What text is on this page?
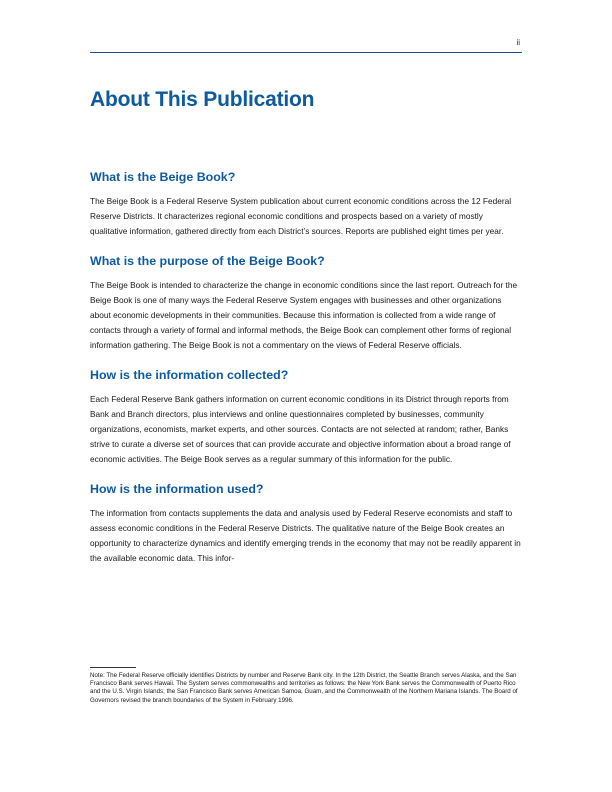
ii
About This Publication
What is the Beige Book?

The Beige Book is a Federal Reserve System publication about current economic conditions across the 12 Federal Reserve Districts. It characterizes regional economic conditions and prospects based on a variety of mostly qualitative information, gathered directly from each District’s sources. Reports are published eight times per year.

What is the purpose of the Beige Book?

The Beige Book is intended to characterize the change in economic conditions since the last report. Outreach for the Beige Book is one of many ways the Federal Reserve System engages with businesses and other organizations about economic developments in their communities. Because this information is collected from a wide range of contacts through a variety of formal and informal methods, the Beige Book can complement other forms of regional information gathering. The Beige Book is not a commentary on the views of Federal Reserve officials.

How is the information collected?

Each Federal Reserve Bank gathers information on current economic conditions in its District through reports from Bank and Branch directors, plus interviews and online questionnaires completed by businesses, community organizations, economists, market experts, and other sources. Contacts are not selected at random; rather, Banks strive to curate a diverse set of sources that can provide accurate and objective information about a broad range of economic activities. The Beige Book serves as a regular summary of this information for the public.

How is the information used?

The information from contacts supplements the data and analysis used by Federal Reserve economists and staff to assess economic conditions in the Federal Reserve Districts. The qualitative nature of the Beige Book creates an opportunity to characterize dynamics and identify emerging trends in the economy that may not be readily apparent in the available economic data. This infor-

Note: The Federal Reserve officially identifies Districts by number and Reserve Bank city. In the 12th District, the Seattle Branch serves Alaska, and the San Francisco Bank serves Hawaii. The System serves commonwealths and territories as follows: the New York Bank serves the Commonwealth of Puerto Rico and the U.S. Virgin Islands; the San Francisco Bank serves American Samoa, Guam, and the Commonwealth of the Northern Mariana Islands. The Board of Governors revised the branch boundaries of the System in February 1996.
